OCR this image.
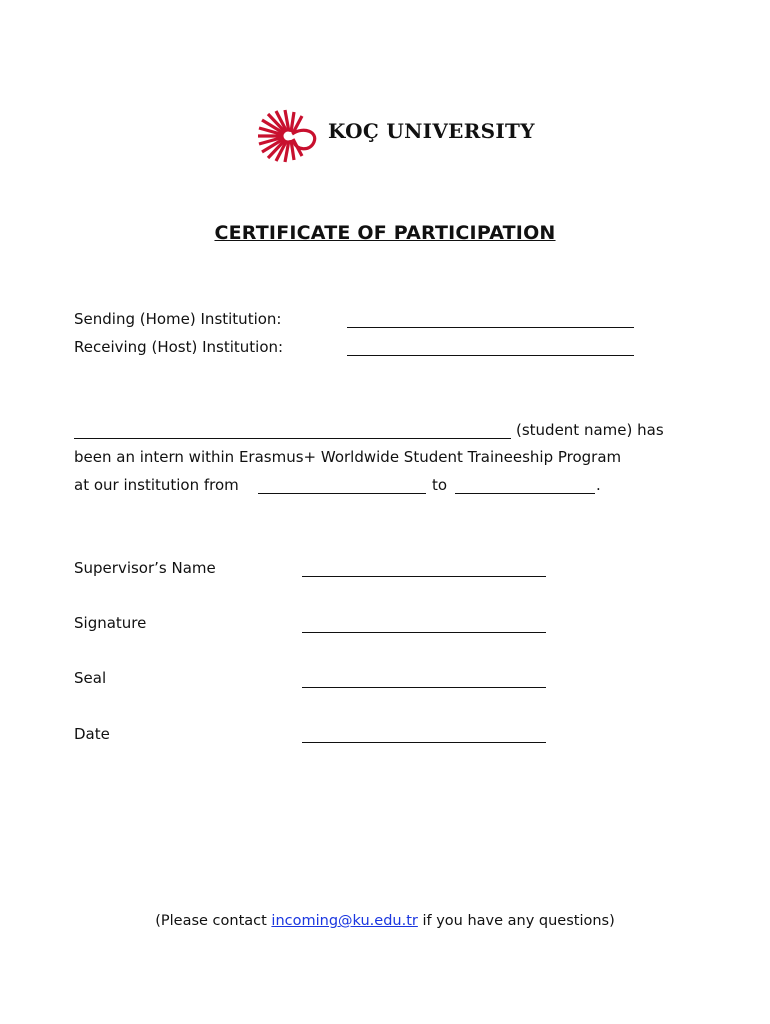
KOÇ UNIVERSITY
CERTIFICATE OF PARTICIPATION
Sending (Home) Institution:
Receiving (Host) Institution:
(student name) has
been an intern within Erasmus+ Worldwide Student Traineeship Program
at our institution from	to	.
Supervisor’s Name
Signature
Seal
Date
(Please contact incoming@ku.edu.tr if you have any questions)
